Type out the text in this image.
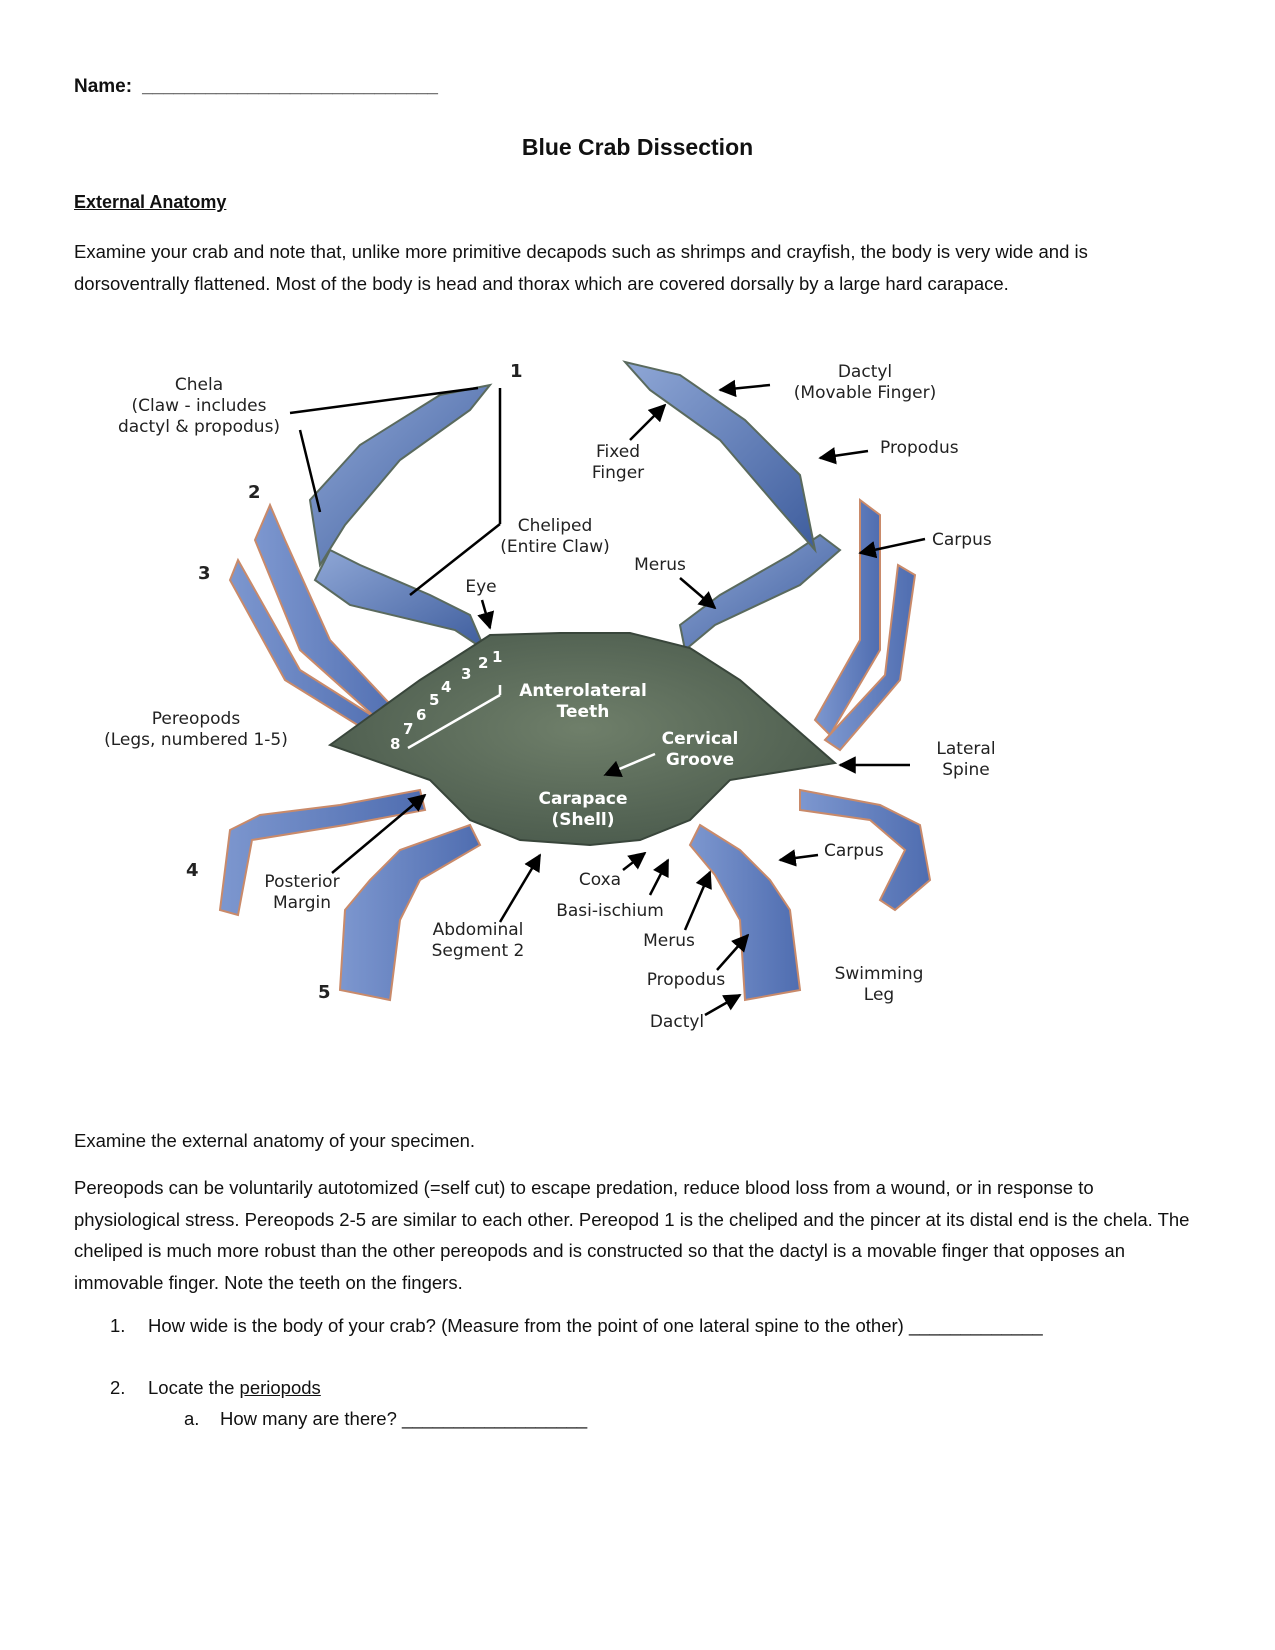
Name: ____________________________
Blue Crab Dissection
External Anatomy
Examine your crab and note that, unlike more primitive decapods such as shrimps and crayfish, the body is very wide and is dorsoventrally flattened. Most of the body is head and thorax which are covered dorsally by a large hard carapace.
Chela
(Claw - includes
dactyl & propodus)
1
2
3
4
5
Dactyl
(Movable Finger)
Fixed
Finger
Propodus
Cheliped
(Entire Claw)	Carpus
Merus
Eye
Anterolateral
Teeth
Pereopods
(Legs, numbered 1-5)	Cervical
Groove
Lateral
Spine
Carapace
(Shell)
Posterior
Margin
Coxa
Carpus
Basi-ischium
Abdominal
Segment 2	Merus
Propodus	Swimming
Leg
Dactyl
1
2
3
4
5
6
7
8
Examine the external anatomy of your specimen.
Pereopods can be voluntarily autotomized (=self cut) to escape predation, reduce blood loss from a wound, or in response to physiological stress. Pereopods 2-5 are similar to each other. Pereopod 1 is the cheliped and the pincer at its distal end is the chela. The cheliped is much more robust than the other pereopods and is constructed so that the dactyl is a movable finger that opposes an immovable finger. Note the teeth on the fingers.
1. How wide is the body of your crab? (Measure from the point of one lateral spine to the other) _____________
2. Locate the periopods
a. How many are there? __________________
